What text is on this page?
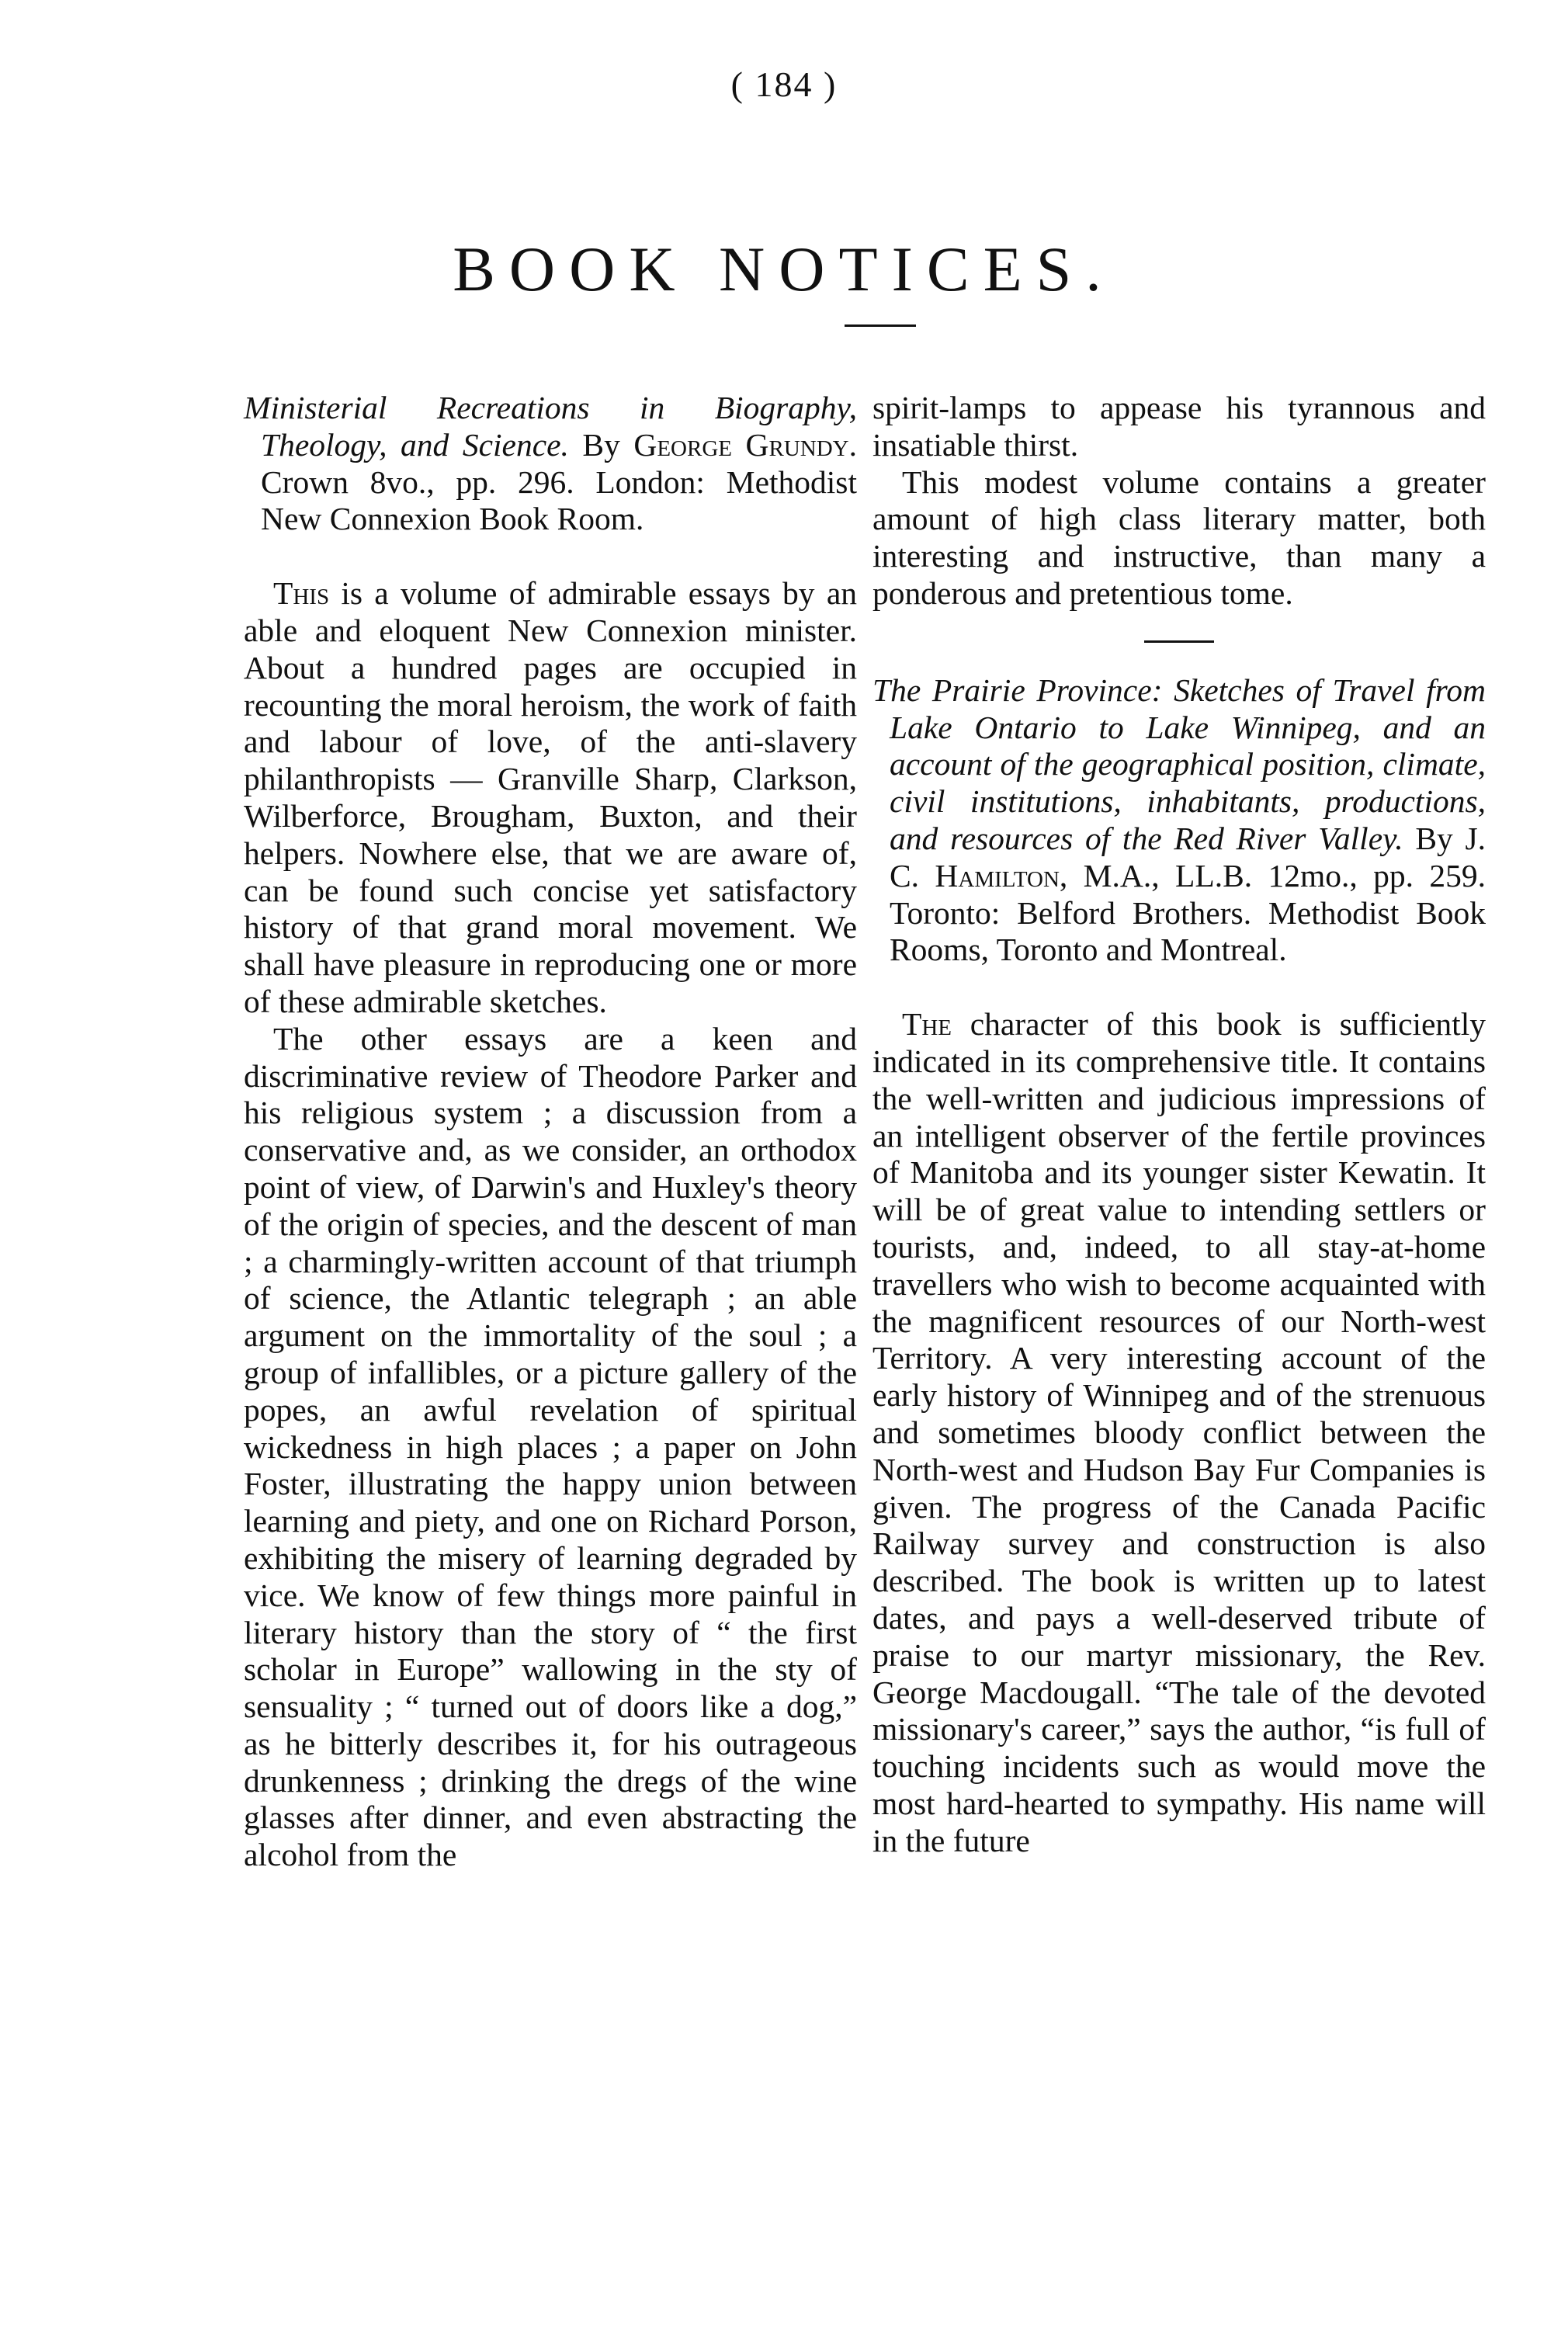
( 184 )
BOOK NOTICES.

Ministerial Recreations in Biography, Theology, and Science. By George Grundy. Crown 8vo., pp. 296. London: Methodist New Connexion Book Room.

This is a volume of admirable essays by an able and eloquent New Connexion minister. About a hundred pages are occupied in recounting the moral heroism, the work of faith and labour of love, of the anti-slavery philanthropists — Granville Sharp, Clarkson, Wilberforce, Brougham, Buxton, and their helpers. Nowhere else, that we are aware of, can be found such concise yet satisfactory history of that grand moral movement. We shall have pleasure in reproducing one or more of these admirable sketches.

The other essays are a keen and discriminative review of Theodore Parker and his religious system ; a discussion from a conservative and, as we consider, an orthodox point of view, of Darwin's and Huxley's theory of the origin of species, and the descent of man ; a charmingly-written account of that triumph of science, the Atlantic telegraph ; an able argument on the immortality of the soul ; a group of infallibles, or a picture gallery of the popes, an awful revelation of spiritual wickedness in high places ; a paper on John Foster, illustrating the happy union between learning and piety, and one on Richard Porson, exhibiting the misery of learning degraded by vice. We know of few things more painful in literary history than the story of “ the first scholar in Europe” wallowing in the sty of sensuality ; “ turned out of doors like a dog,” as he bitterly describes it, for his outrageous drunkenness ; drinking the dregs of the wine glasses after dinner, and even abstracting the alcohol from the

spirit-lamps to appease his tyrannous and insatiable thirst.

This modest volume contains a greater amount of high class literary matter, both interesting and instructive, than many a ponderous and pretentious tome.

The Prairie Province: Sketches of Travel from Lake Ontario to Lake Winnipeg, and an account of the geographical position, climate, civil institutions, inhabitants, productions, and resources of the Red River Valley. By J. C. Hamilton, M.A., LL.B. 12mo., pp. 259. Toronto: Belford Brothers. Methodist Book Rooms, Toronto and Montreal.

The character of this book is sufficiently indicated in its comprehensive title. It contains the well-written and judicious impressions of an intelligent observer of the fertile provinces of Manitoba and its younger sister Kewatin. It will be of great value to intending settlers or tourists, and, indeed, to all stay-at-home travellers who wish to become acquainted with the magnificent resources of our North-west Territory. A very interesting account of the early history of Winnipeg and of the strenuous and sometimes bloody conflict between the North-west and Hudson Bay Fur Companies is given. The progress of the Canada Pacific Railway survey and construction is also described. The book is written up to latest dates, and pays a well-deserved tribute of praise to our martyr missionary, the Rev. George Macdougall. “The tale of the devoted missionary's career,” says the author, “is full of touching incidents such as would move the most hard-hearted to sympathy. His name will in the future
